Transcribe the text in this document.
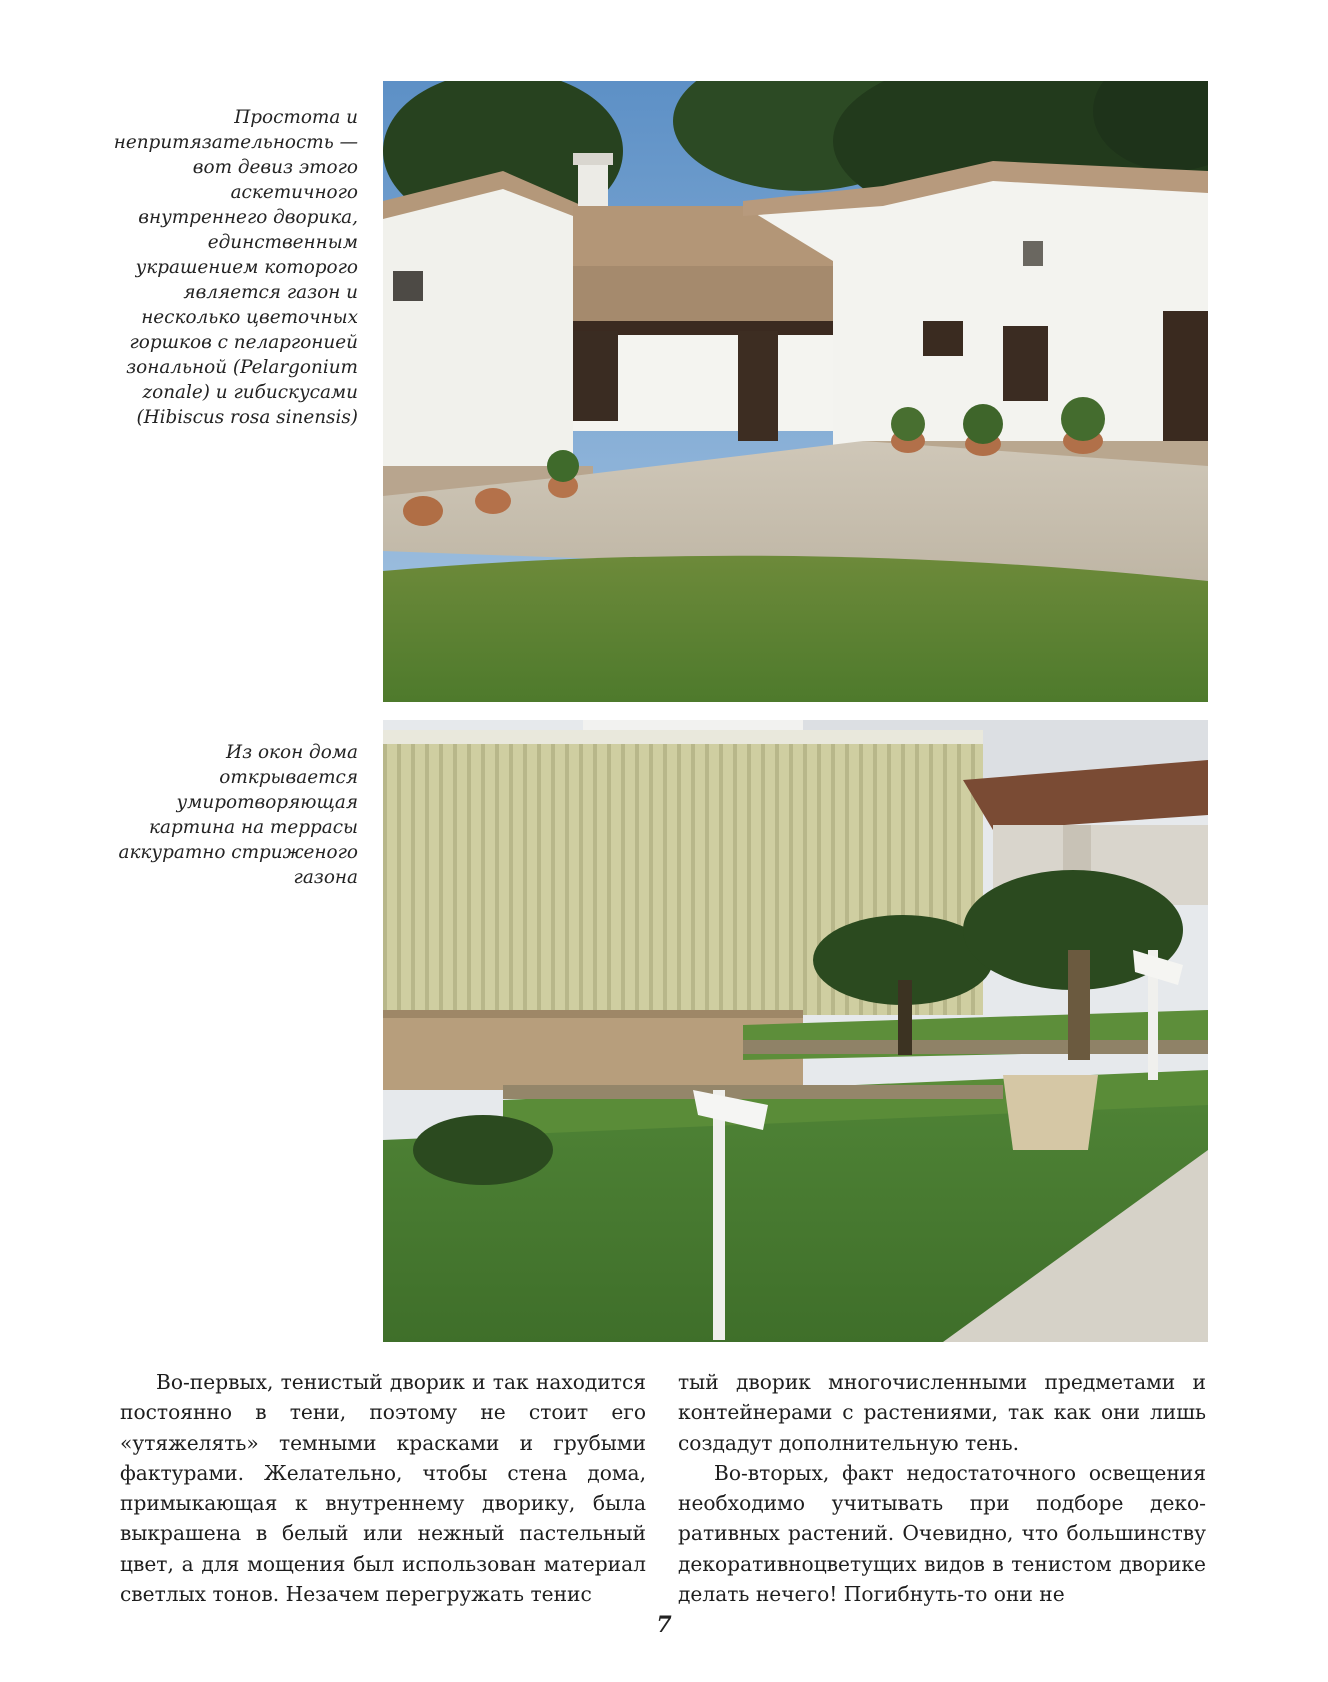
Простота и
непритязательность —
вот девиз этого
аскетичного
внутреннего дворика,
единственным
украшением которого
является газон и
несколько цветочных
горшков с пеларгонией
зональной (Pelargonium
zonale) и гибискусами
(Hibiscus rosa sinensis)
Из окон дома
открывается
умиротворяющая
картина на террасы
аккуратно стриженого
газона

Во-первых, тенистый дворик и так находится постоянно в тени, поэтому не стоит его «утяжелять» темными красками и грубыми фактурами. Желательно, чтобы стена дома, примыкающая к внутреннему дворику, была выкрашена в белый или нежный пастельный цвет, а для мощения был использован материал светлых тонов. Незачем перегружать тенис

тый дворик многочисленными предметами и контейнерами с растениями, так как они лишь создадут дополнительную тень.

Во-вторых, факт недостаточного освещения необходимо учитывать при подборе декоративных растений. Очевидно, что большинству декоративноцветущих видов в тенистом дворике делать нечего! Погибнуть-то они не

7
